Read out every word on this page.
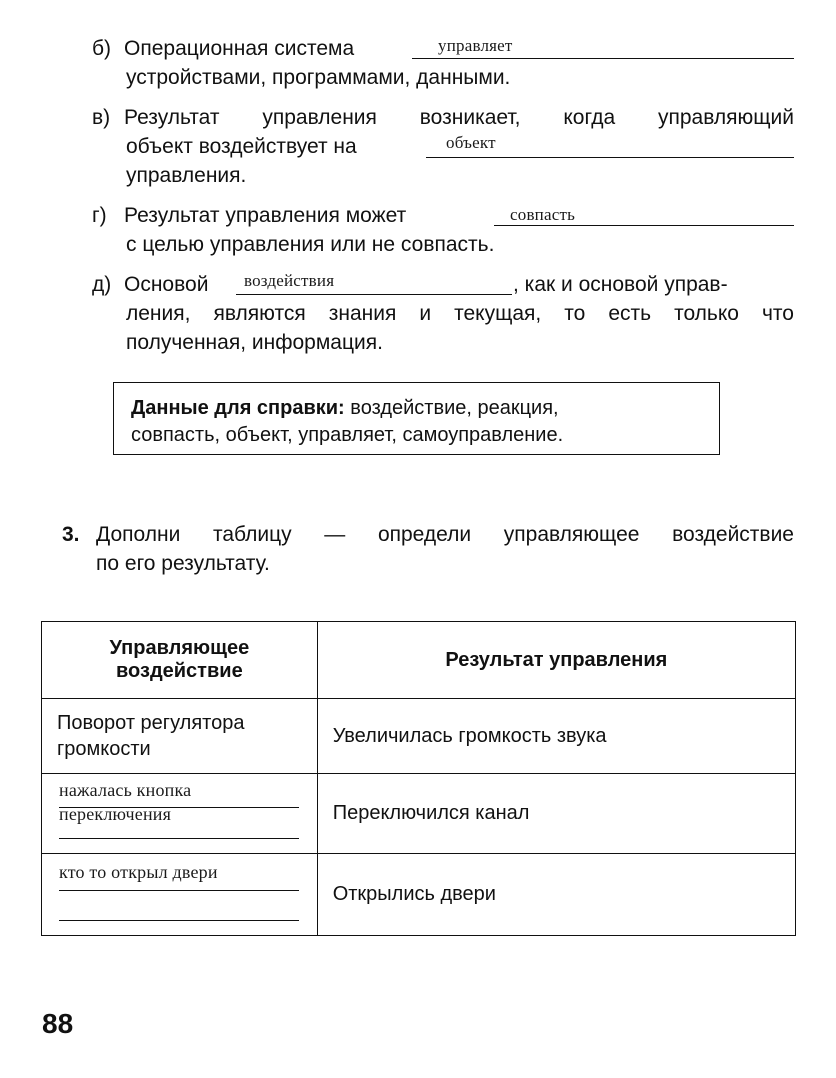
б) Операционная система	управляет
устройствами, программами, данными.
в) Результат управления возникает, когда управляющий
объект воздействует на	объект
управления.
г) Результат управления может	совпасть
с целью управления или не совпасть.
д) Основой воздействия	, как и основой управ-
ления, являются знания и текущая, то есть только что
полученная, информация.
Данные для справки: воздействие, реакция,
совпасть, объект, управляет, самоуправление.
3. Дополни таблицу — определи управляющее воздействие
по его результату.
Управляющее
воздействие	Результат управления

Поворот регулятора
громкости	Увеличилась громкость звука

нажалась кнопка
переключения	Переключился канал

кто то открыл двери	Открылись двери
88
